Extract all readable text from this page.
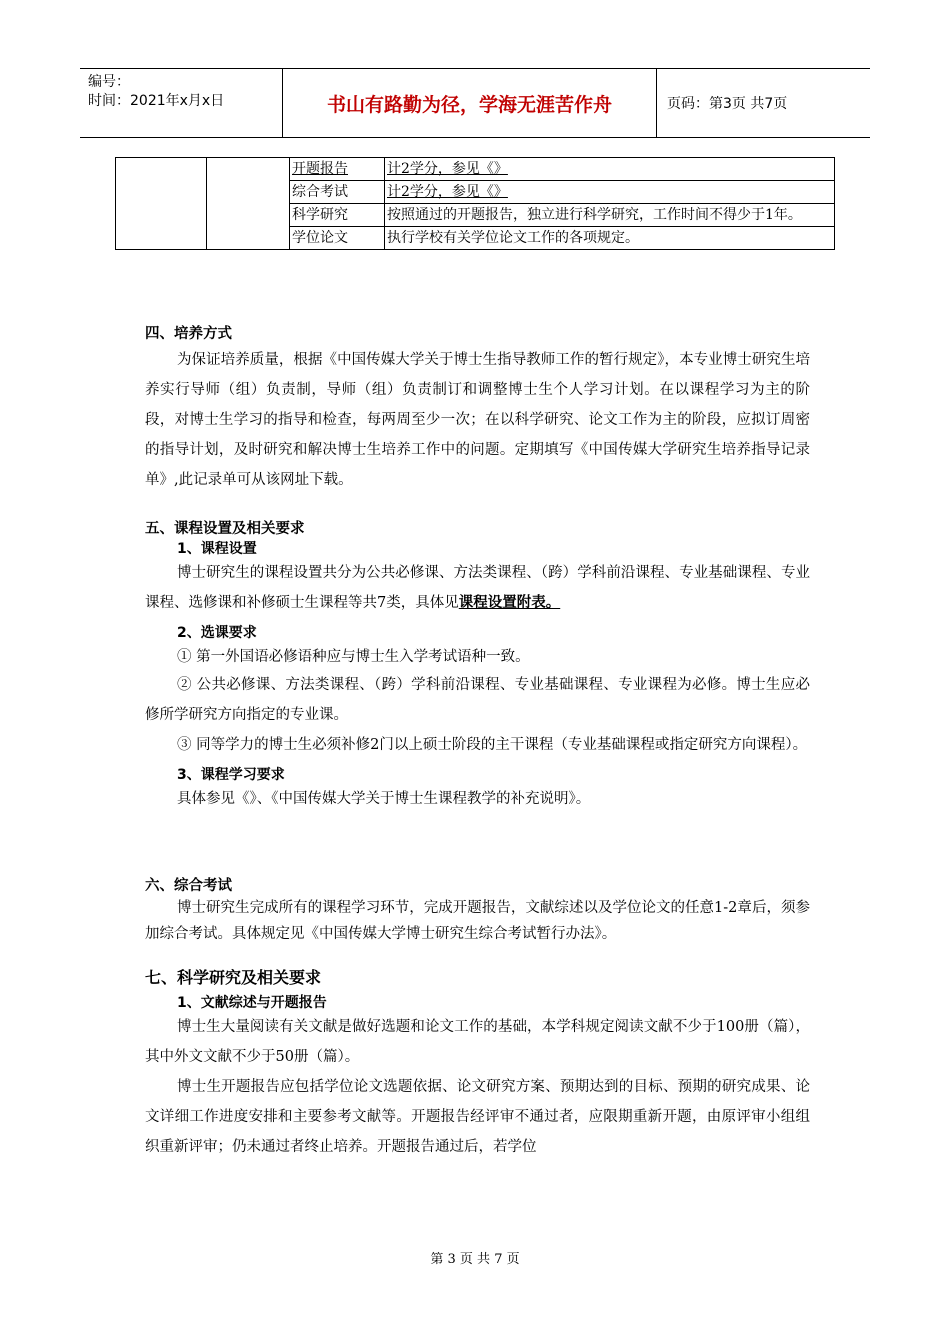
编号：
时间：2021年x月x日	书山有路勤为径，学海无涯苦作舟	页码：第3页 共7页
		开题报告	计2学分，参见《》
		综合考试	计2学分，参见《》
		科学研究	按照通过的开题报告，独立进行科学研究，工作时间不得少于1年。
		学位论文	执行学校有关学位论文工作的各项规定。

四、培养方式

为保证培养质量，根据《中国传媒大学关于博士生指导教师工作的暂行规定》，本专业博士研究生培养实行导师（组）负责制，导师（组）负责制订和调整博士生个人学习计划。在以课程学习为主的阶段，对博士生学习的指导和检查，每两周至少一次；在以科学研究、论文工作为主的阶段，应拟订周密的指导计划，及时研究和解决博士生培养工作中的问题。定期填写《中国传媒大学研究生培养指导记录单》,此记录单可从该网址下载。

五、课程设置及相关要求

1、课程设置

博士研究生的课程设置共分为公共必修课、方法类课程、（跨）学科前沿课程、专业基础课程、专业课程、选修课和补修硕士生课程等共7类，具体见课程设置附表。

2、选课要求

① 第一外国语必修语种应与博士生入学考试语种一致。

② 公共必修课、方法类课程、（跨）学科前沿课程、专业基础课程、专业课程为必修。博士生应必修所学研究方向指定的专业课。

③ 同等学力的博士生必须补修2门以上硕士阶段的主干课程（专业基础课程或指定研究方向课程）。

3、课程学习要求

具体参见《》、《中国传媒大学关于博士生课程教学的补充说明》。

六、综合考试

博士研究生完成所有的课程学习环节，完成开题报告，文献综述以及学位论文的任意1-2章后，须参加综合考试。具体规定见《中国传媒大学博士研究生综合考试暂行办法》。

七、科学研究及相关要求

1、文献综述与开题报告

博士生大量阅读有关文献是做好选题和论文工作的基础，本学科规定阅读文献不少于100册（篇），其中外文文献不少于50册（篇）。

博士生开题报告应包括学位论文选题依据、论文研究方案、预期达到的目标、预期的研究成果、论文详细工作进度安排和主要参考文献等。开题报告经评审不通过者，应限期重新开题，由原评审小组组织重新评审；仍未通过者终止培养。开题报告通过后，若学位

第 3 页 共 7 页
